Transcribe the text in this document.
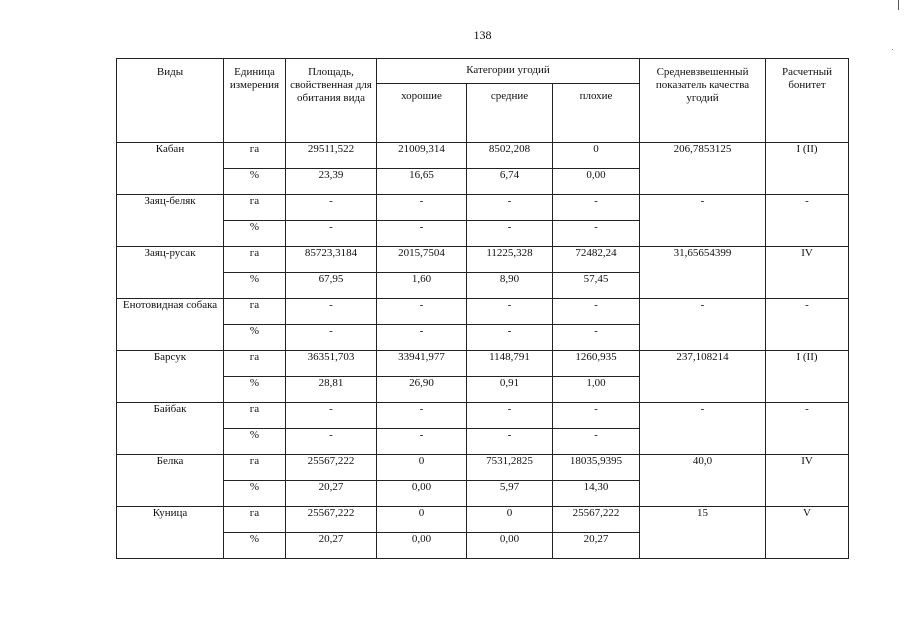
138
Виды	Единица измерения	Площадь, свойственная для обитания вида	Категории угодий			Средневзвешенный показатель качества угодий	Расчетный бонитет
			хорошие	средние	плохие		
Кабан	га	29511,522	21009,314	8502,208	0	206,7853125	I (II)
	%	23,39	16,65	6,74	0,00		
Заяц-беляк	га	-	-	-	-	-	-
	%	-	-	-	-		
Заяц-русак	га	85723,3184	2015,7504	11225,328	72482,24	31,65654399	IV
	%	67,95	1,60	8,90	57,45		
Енотовидная собака	га	-	-	-	-	-	-
	%	-	-	-	-		
Барсук	га	36351,703	33941,977	1148,791	1260,935	237,108214	I (II)
	%	28,81	26,90	0,91	1,00		
Байбак	га	-	-	-	-	-	-
	%	-	-	-	-		
Белка	га	25567,222	0	7531,2825	18035,9395	40,0	IV
	%	20,27	0,00	5,97	14,30		
Куница	га	25567,222	0	0	25567,222	15	V
	%	20,27	0,00	0,00	20,27		
